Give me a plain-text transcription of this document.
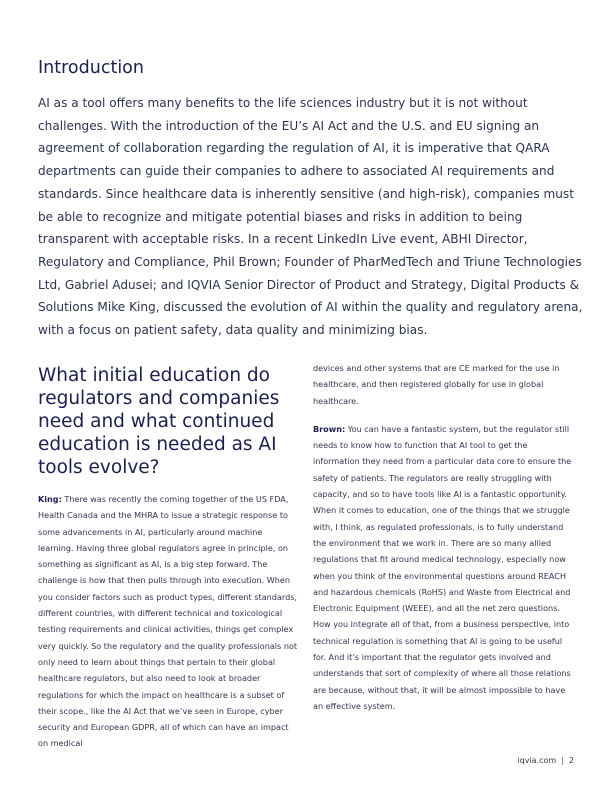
Introduction

AI as a tool offers many benefits to the life sciences industry but it is not without challenges. With the introduction of the EU’s AI Act and the U.S. and EU signing an agreement of collaboration regarding the regulation of AI, it is imperative that QARA departments can guide their companies to adhere to associated AI requirements and standards. Since healthcare data is inherently sensitive (and high-risk), companies must be able to recognize and mitigate potential biases and risks in addition to being transparent with acceptable risks. In a recent LinkedIn Live event, ABHI Director, Regulatory and Compliance, Phil Brown; Founder of PharMedTech and Triune Technologies Ltd, Gabriel Adusei; and IQVIA Senior Director of Product and Strategy, Digital Products & Solutions Mike King, discussed the evolution of AI within the quality and regulatory arena, with a focus on patient safety, data quality and minimizing bias.

What initial education do regulators and companies need and what continued education is needed as AI tools evolve?

King: There was recently the coming together of the US FDA, Health Canada and the MHRA to issue a strategic response to some advancements in AI, particularly around machine learning. Having three global regulators agree in principle, on something as significant as AI, is a big step forward. The challenge is how that then pulls through into execution. When you consider factors such as product types, different standards, different countries, with different technical and toxicological testing requirements and clinical activities, things get complex very quickly. So the regulatory and the quality professionals not only need to learn about things that pertain to their global healthcare regulators, but also need to look at broader regulations for which the impact on healthcare is a subset of their scope., like the AI Act that we’ve seen in Europe, cyber security and European GDPR, all of which can have an impact on medical

devices and other systems that are CE marked for the use in healthcare, and then registered globally for use in global healthcare.

Brown: You can have a fantastic system, but the regulator still needs to know how to function that AI tool to get the information they need from a particular data core to ensure the safety of patients. The regulators are really struggling with capacity, and so to have tools like AI is a fantastic opportunity. When it comes to education, one of the things that we struggle with, I think, as regulated professionals, is to fully understand the environment that we work in. There are so many allied regulations that fit around medical technology, especially now when you think of the environmental questions around REACH and hazardous chemicals (RoHS) and Waste from Electrical and Electronic Equipment (WEEE), and all the net zero questions. How you integrate all of that, from a business perspective, into technical regulation is something that AI is going to be useful for. And it’s important that the regulator gets involved and understands that sort of complexity of where all those relations are because, without that, it will be almost impossible to have an effective system.

iqvia.com | 2
